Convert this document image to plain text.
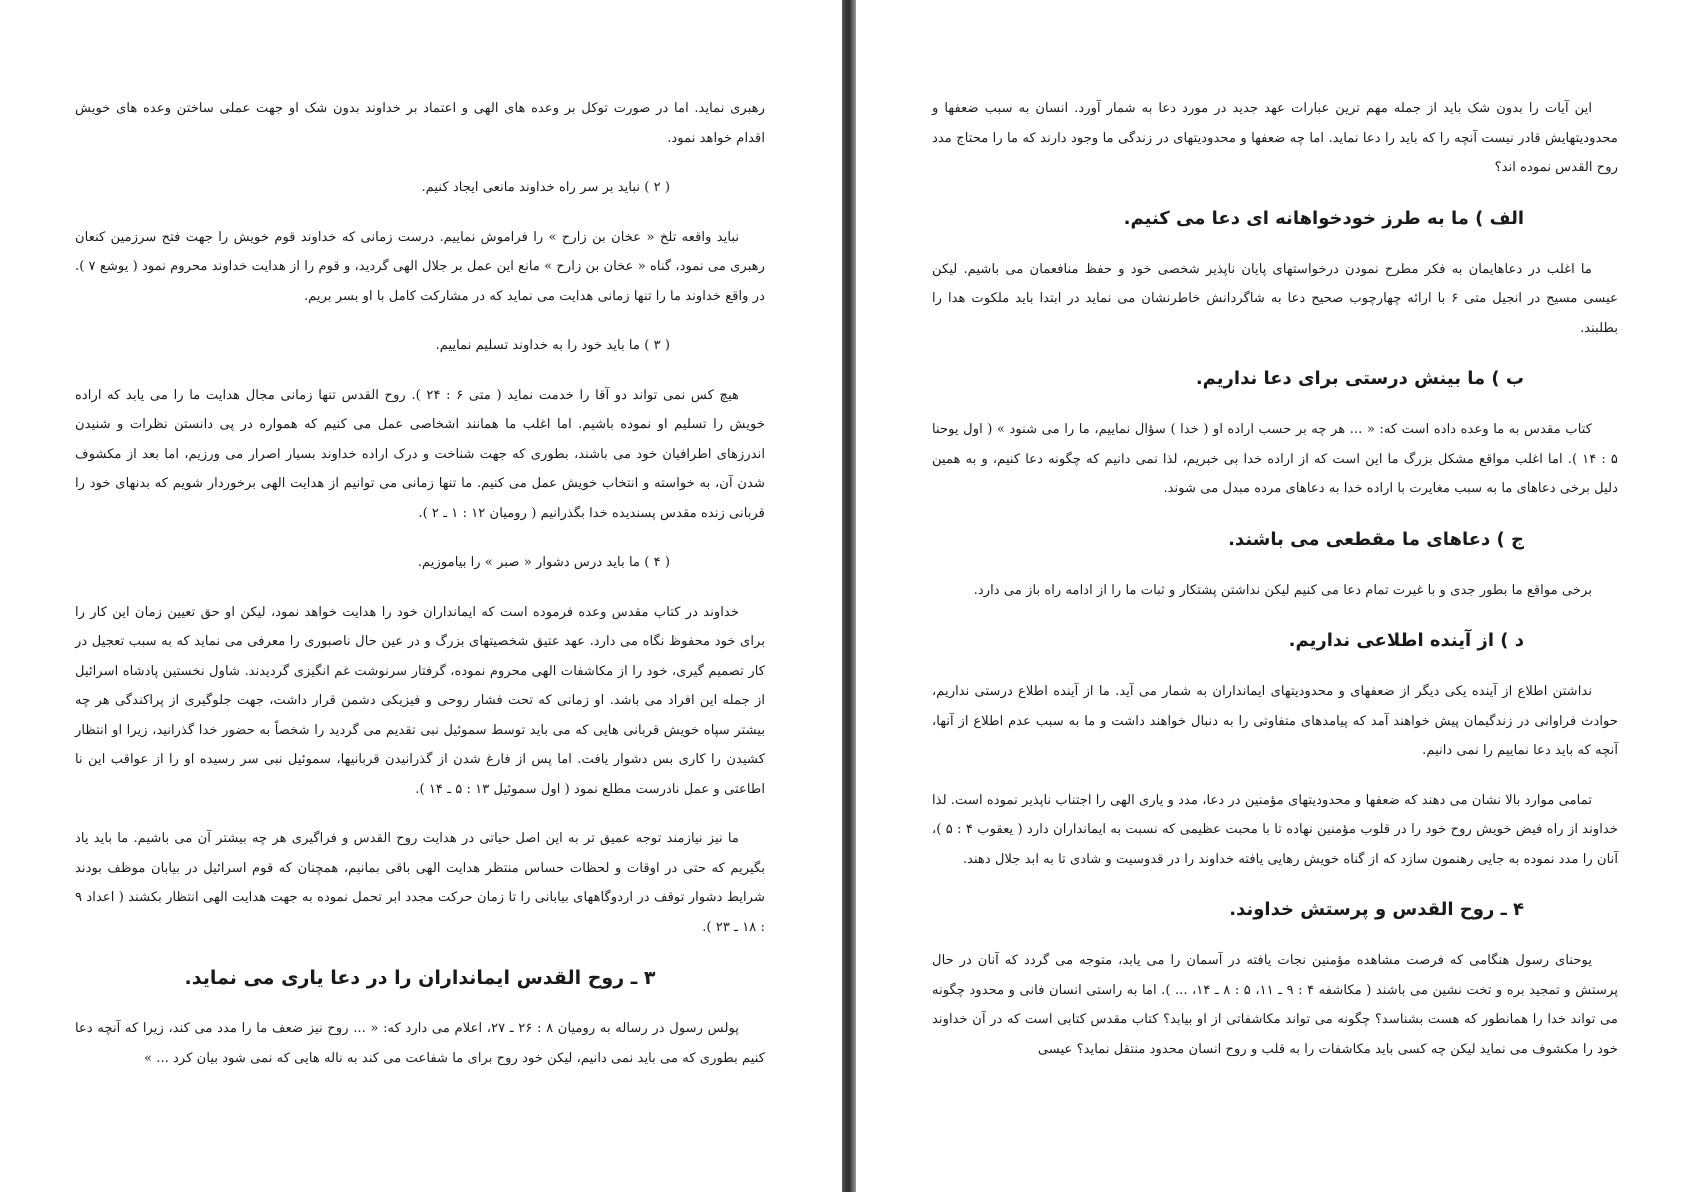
رهبری نماید. اما در صورت توکل بر وعده های الهی و اعتماد بر خداوند بدون شک او جهت عملی ساختن وعده های خویش اقدام خواهد نمود.

( ۲ ) نباید بر سر راه خداوند مانعی ایجاد کنیم.

نباید واقعه تلخ « عخان بن زارح » را فراموش نماییم. درست زمانی که خداوند قوم خویش را جهت فتح سرزمین کنعان رهبری می نمود، گناه « عخان بن زارح » مانع این عمل بر جلال الهی گردید، و قوم را از هدایت خداوند محروم نمود ( یوشع ۷ ). در واقع خداوند ما را تنها زمانی هدایت می نماید که در مشارکت کامل با او بسر بریم.

( ۳ ) ما باید خود را به خداوند تسلیم نماییم.

هیچ کس نمی تواند دو آقا را خدمت نماید ( متی ۶ : ۲۴ ). روح القدس تنها زمانی مجال هدایت ما را می یابد که اراده خویش را تسلیم او نموده باشیم. اما اغلب ما همانند اشخاصی عمل می کنیم که همواره در پی دانستن نظرات و شنیدن اندرزهای اطرافیان خود می باشند، بطوری که جهت شناخت و درک اراده خداوند بسیار اصرار می ورزیم، اما بعد از مکشوف شدن آن، به خواسته و انتخاب خویش عمل می کنیم. ما تنها زمانی می توانیم از هدایت الهی برخوردار شویم که بدنهای خود را قربانی زنده مقدس پسندیده خدا بگذرانیم ( رومیان ۱۲ : ۱ ـ ۲ ).

( ۴ ) ما باید درس دشوار « صبر » را بیاموزیم.

خداوند در کتاب مقدس وعده فرموده است که ایمانداران خود را هدایت خواهد نمود، لیکن او حق تعیین زمان این کار را برای خود محفوظ نگاه می دارد. عهد عتیق شخصیتهای بزرگ و در عین حال ناصبوری را معرفی می نماید که به سبب تعجیل در کار تصمیم گیری، خود را از مکاشفات الهی محروم نموده، گرفتار سرنوشت غم انگیزی گردیدند. شاول نخستین پادشاه اسرائیل از جمله این افراد می باشد. او زمانی که تحت فشار روحی و فیزیکی دشمن قرار داشت، جهت جلوگیری از پراکندگی هر چه بیشتر سپاه خویش قربانی هایی که می باید توسط سموئیل نبی تقدیم می گردید را شخصاً به حضور خدا گذرانید، زیرا او انتظار کشیدن را کاری بس دشوار یافت. اما پس از فارغ شدن از گذرانیدن قربانیها، سموئیل نبی سر رسیده او را از عواقب این نا اطاعتی و عمل نادرست مطلع نمود ( اول سموئیل ۱۳ : ۵ ـ ۱۴ ).

ما نیز نیازمند توجه عمیق تر به این اصل حیاتی در هدایت روح القدس و فراگیری هر چه بیشتر آن می باشیم. ما باید یاد بگیریم که حتی در اوقات و لحظات حساس منتظر هدایت الهی باقی بمانیم، همچنان که قوم اسرائیل در بیابان موظف بودند شرایط دشوار توقف در اردوگاههای بیابانی را تا زمان حرکت مجدد ابر تحمل نموده به جهت هدایت الهی انتظار بکشند ( اعداد ۹ : ۱۸ ـ ۲۳ ).

۳ ـ روح القدس ایمانداران را در دعا یاری می نماید.

پولس رسول در رساله به رومیان ۸ : ۲۶ ـ ۲۷، اعلام می دارد که: « ... روح نیز ضعف ما را مدد می کند، زیرا که آنچه دعا کنیم بطوری که می باید نمی دانیم، لیکن خود روح برای ما شفاعت می کند به ناله هایی که نمی شود بیان کرد ... »

این آیات را بدون شک باید از جمله مهم ترین عبارات عهد جدید در مورد دعا به شمار آورد. انسان به سبب ضعفها و محدودیتهایش قادر نیست آنچه را که باید را دعا نماید. اما چه ضعفها و محدودیتهای در زندگی ما وجود دارند که ما را محتاج مدد روح القدس نموده اند؟

الف ) ما به طرز خودخواهانه ای دعا می کنیم.

ما اغلب در دعاهایمان به فکر مطرح نمودن درخواستهای پایان ناپذیر شخصی خود و حفظ منافعمان می باشیم. لیکن عیسی مسیح در انجیل متی ۶ با ارائه چهارچوب صحیح دعا به شاگردانش خاطرنشان می نماید در ابتدا باید ملکوت هدا را بطلبند.

ب ) ما بینش درستی برای دعا نداریم.

کتاب مقدس به ما وعده داده است که: « ... هر چه بر حسب اراده او ( خدا ) سؤال نماییم، ما را می شنود » ( اول یوحنا ۵ : ۱۴ ). اما اغلب مواقع مشکل بزرگ ما این است که از اراده خدا بی خبریم، لذا نمی دانیم که چگونه دعا کنیم، و به همین دلیل برخی دعاهای ما به سبب مغایرت با اراده خدا به دعاهای مرده مبدل می شوند.

ج ) دعاهای ما مقطعی می باشند.

برخی مواقع ما بطور جدی و با غیرت تمام دعا می کنیم لیکن نداشتن پشتکار و ثبات ما را از ادامه راه باز می دارد.

د ) از آینده اطلاعی نداریم.

نداشتن اطلاع از آینده یکی دیگر از ضعفهای و محدودیتهای ایمانداران به شمار می آید. ما از آینده اطلاع درستی نداریم، حوادث فراوانی در زندگیمان پیش خواهند آمد که پیامدهای متفاوتی را به دنبال خواهند داشت و ما به سبب عدم اطلاع از آنها، آنچه که باید دعا نماییم را نمی دانیم.

تمامی موارد بالا نشان می دهند که ضعفها و محدودیتهای مؤمنین در دعا، مدد و یاری الهی را اجتناب ناپذیر نموده است. لذا خداوند از راه فیض خویش روح خود را در قلوب مؤمنین نهاده تا با محبت عظیمی که نسبت به ایمانداران دارد ( یعقوب ۴ : ۵ )، آنان را مدد نموده به جایی رهنمون سازد که از گناه خویش رهایی یافته خداوند را در قدوسیت و شادی تا به ابد جلال دهند.

۴ ـ روح القدس و پرستش خداوند.

یوحنای رسول هنگامی که فرصت مشاهده مؤمنین نجات یافته در آسمان را می یابد، متوجه می گردد که آنان در حال پرستش و تمجید بره و تخت نشین می باشند ( مکاشفه ۴ : ۹ ـ ۱۱، ۵ : ۸ ـ ۱۴، ... ). اما به راستی انسان فانی و محدود چگونه می تواند خدا را همانطور که هست بشناسد؟ چگونه می تواند مکاشفاتی از او بیابد؟ کتاب مقدس کتابی است که در آن خداوند خود را مکشوف می نماید لیکن چه کسی باید مکاشفات را به قلب و روح انسان محدود منتقل نماید؟ عیسی
